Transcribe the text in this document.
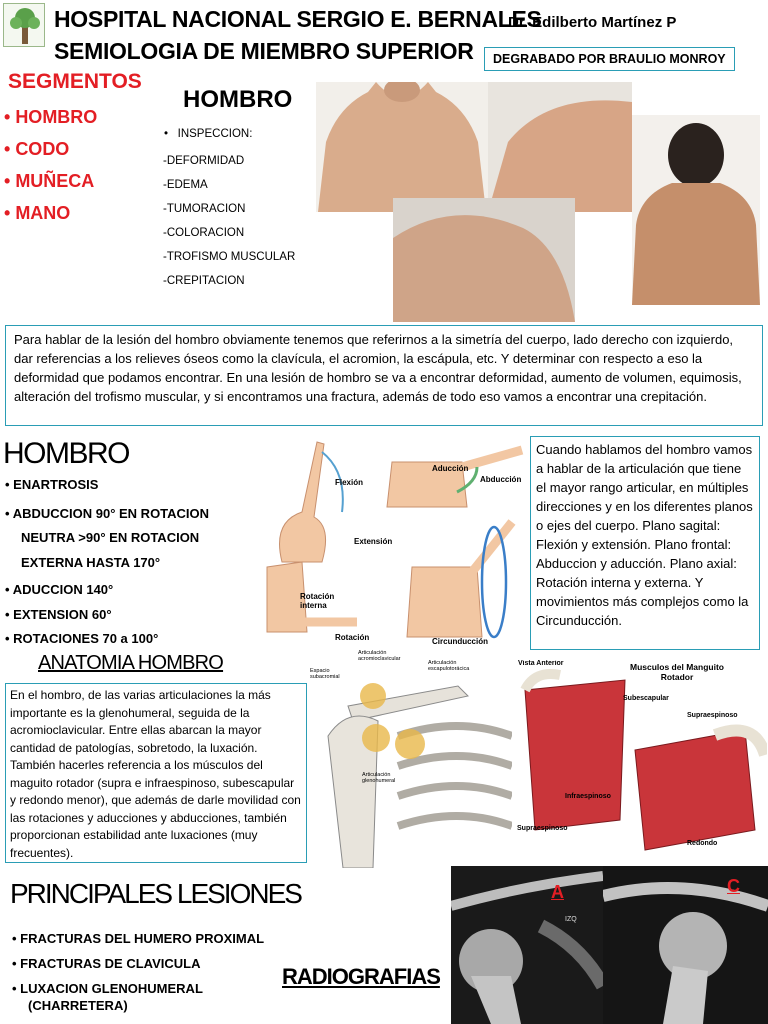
HOSPITAL NACIONAL SERGIO E. BERNALES
SEMIOLOGIA DE MIEMBRO SUPERIOR
Dr. Edilberto Martínez P
DEGRABADO POR BRAULIO MONROY
SEGMENTOS
• HOMBRO
• CODO
• MUÑECA
• MANO
HOMBRO
•   INSPECCION:
-DEFORMIDAD
-EDEMA
-TUMORACION
-COLORACION
-TROFISMO MUSCULAR
-CREPITACION
Para hablar de la lesión del hombro obviamente tenemos que referirnos a la simetría del cuerpo, lado derecho con izquierdo, dar referencias a los relieves óseos como la clavícula, el acromion, la escápula, etc. Y determinar con respecto a eso la deformidad que podamos encontrar. En una lesión de hombro se va a encontrar deformidad, aumento de volumen, equimosis, alteración del trofismo muscular, y si encontramos una fractura, además de todo eso vamos a encontrar una crepitación.
HOMBRO
• ENARTROSIS
• ABDUCCION 90° EN ROTACION NEUTRA >90° EN ROTACION EXTERNA HASTA 170°
• ADUCCION 140°
• EXTENSION 60°
• ROTACIONES 70 a 100°
Flexión
Extensión
Aducción
Abducción
Rotación interna
Rotación	Circunducción
Cuando hablamos del hombro vamos a hablar de la articulación que tiene el mayor rango articular, en múltiples direcciones y en los diferentes planos o ejes del cuerpo. Plano sagital: Flexión y extensión. Plano frontal: Abduccion y aducción. Plano axial: Rotación interna y externa. Y movimientos más complejos como la Circunducción.
ANATOMIA HOMBRO
En el hombro, de las varias articulaciones la más importante es la glenohumeral, seguida de la acromioclavicular. Entre ellas abarcan la mayor cantidad de patologías, sobretodo, la luxación. También hacerles referencia a los músculos del maguito rotador (supra e infraespinoso, subescapular y redondo menor), que además de darle movilidad con las rotaciones y aducciones y abducciones, también proporcionan estabilidad ante luxaciones (muy frecuentes).
Espacio subacromial
Articulación acromioclavicular
Articulación escapulotorácica
Articulación glenohumeral
Vista Anterior	Musculos del Manguito Rotador
Subescapular
Supraespinoso
Infraespinoso
Supraespinoso
Redondo
PRINCIPALES LESIONES
• FRACTURAS DEL HUMERO PROXIMAL
• FRACTURAS DE CLAVICULA
• LUXACION GLENOHUMERAL (CHARRETERA)
RADIOGRAFIAS
A
IZQ
C
